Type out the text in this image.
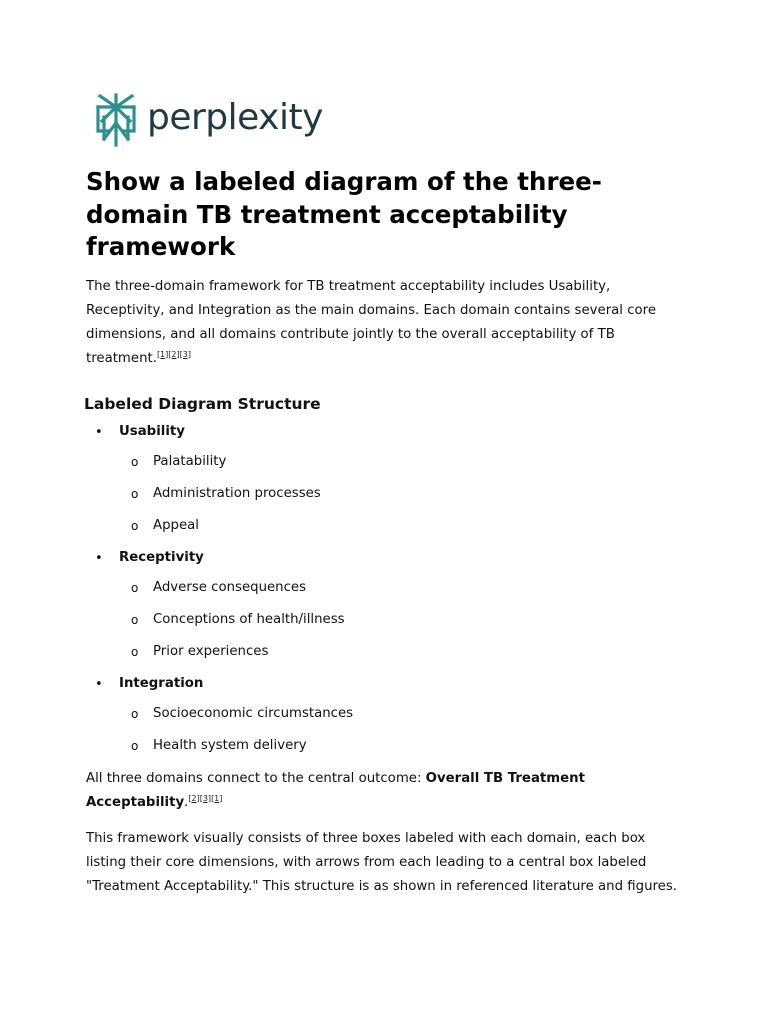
perplexity
Show a labeled diagram of the three-domain TB treatment acceptability framework

The three-domain framework for TB treatment acceptability includes Usability, Receptivity, and Integration as the main domains. Each domain contains several core dimensions, and all domains contribute jointly to the overall acceptability of TB treatment.[1][2][3]

Labeled Diagram Structure
• Usability
o Palatability
o Administration processes
o Appeal
• Receptivity
o Adverse consequences
o Conceptions of health/illness
o Prior experiences
• Integration
o Socioeconomic circumstances
o Health system delivery

All three domains connect to the central outcome: Overall TB Treatment Acceptability.[2][3][1]

This framework visually consists of three boxes labeled with each domain, each box listing their core dimensions, with arrows from each leading to a central box labeled "Treatment Acceptability." This structure is as shown in referenced literature and figures.
